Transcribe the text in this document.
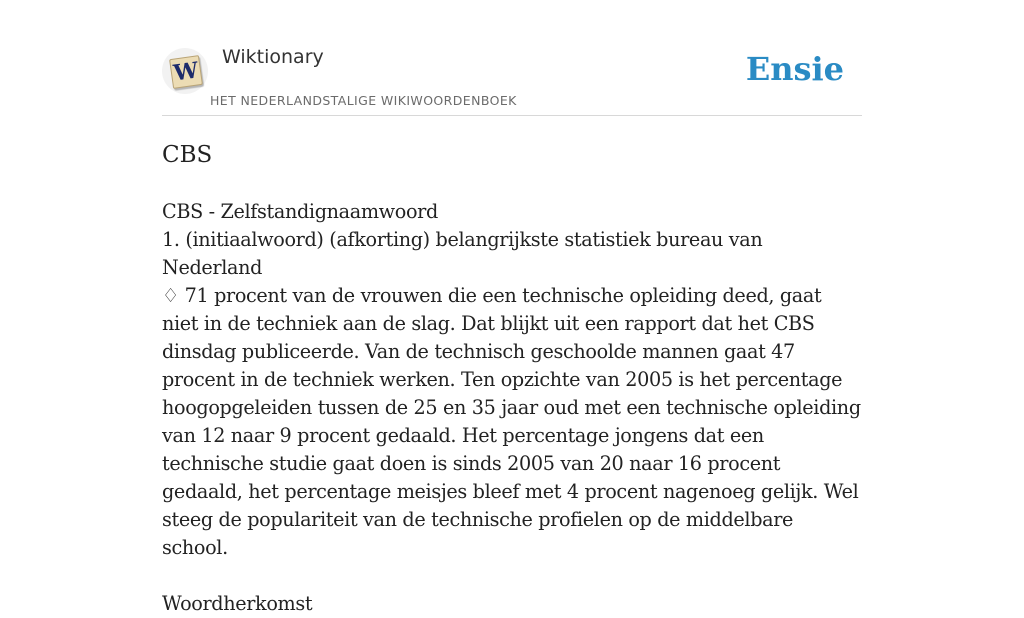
W
Wiktionary
HET NEDERLANDSTALIGE WIKIWOORDENBOEK
Ensie
CBS

CBS - Zelfstandignaamwoord
1. (initiaalwoord) (afkorting) belangrijkste statistiek bureau van Nederland
♢ 71 procent van de vrouwen die een technische opleiding deed, gaat niet in de techniek aan de slag. Dat blijkt uit een rapport dat het CBS dinsdag publiceerde. Van de technisch geschoolde mannen gaat 47 procent in de techniek werken. Ten opzichte van 2005 is het percentage hoogopgeleiden tussen de 25 en 35 jaar oud met een technische opleiding van 12 naar 9 procent gedaald. Het percentage jongens dat een technische studie gaat doen is sinds 2005 van 20 naar 16 procent gedaald, het percentage meisjes bleef met 4 procent nagenoeg gelijk. Wel steeg de populariteit van de technische profielen op de middelbare school.

Woordherkomst
